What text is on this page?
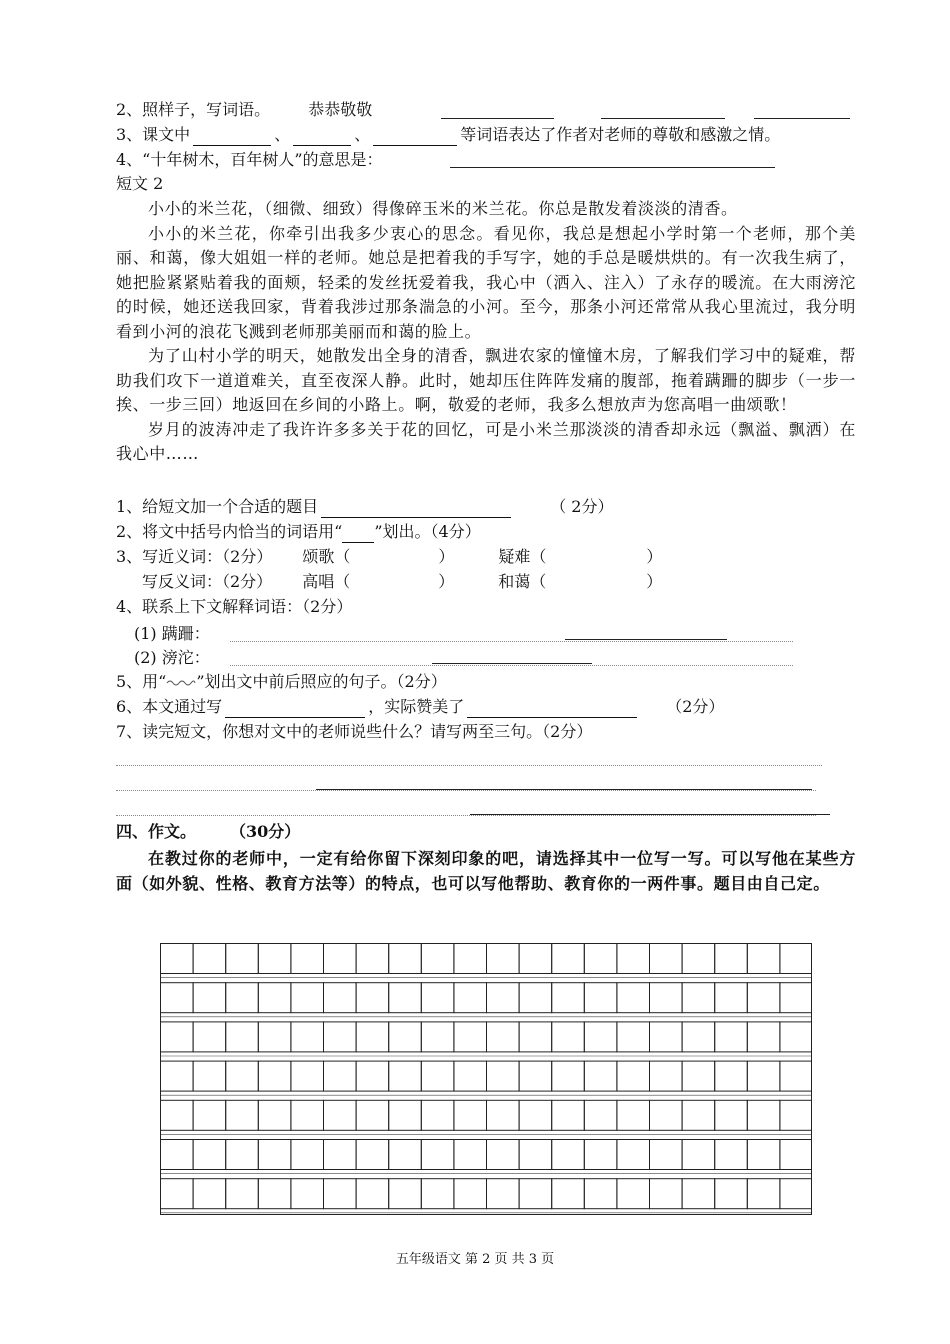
2、照样子，写词语。 恭恭敬敬
3、课文中	、	、	等词语表达了作者对老师的尊敬和感激之情。
4、“十年树木，百年树人”的意思是：
短文 2

小小的米兰花，（细微、细致）得像碎玉米的米兰花。你总是散发着淡淡的清香。

小小的米兰花，你牵引出我多少衷心的思念。看见你，我总是想起小学时第一个老师，那个美丽、和蔼，像大姐姐一样的老师。她总是把着我的手写字，她的手总是暖烘烘的。有一次我生病了，她把脸紧紧贴着我的面颊，轻柔的发丝抚爱着我，我心中（洒入、注入）了永存的暖流。在大雨滂沱的时候，她还送我回家，背着我涉过那条湍急的小河。至今，那条小河还常常从我心里流过，我分明看到小河的浪花飞溅到老师那美丽而和蔼的脸上。

为了山村小学的明天，她散发出全身的清香，飘进农家的憧憧木房，了解我们学习中的疑难，帮助我们攻下一道道难关，直至夜深人静。此时，她却压住阵阵发痛的腹部，拖着蹒跚的脚步（一步一挨、一步三回）地返回在乡间的小路上。啊，敬爱的老师，我多么想放声为您高唱一曲颂歌！

岁月的波涛冲走了我许许多多关于花的回忆，可是小米兰那淡淡的清香却永远（飘溢、飘洒）在我心中……

1、给短文加一个合适的题目	（ 2分）
2、将文中括号内恰当的词语用“ ”划出。（4分）
3、写近义词：（2分） 颂歌（	）	疑难（	）
写反义词：（2分） 高唱（	）	和蔼（	）
4、联系上下文解释词语：（2分）
(1) 蹒跚：
(2) 滂沱：
5、用“ ”划出文中前后照应的句子。（2分）
6、本文通过写	，实际赞美了	（2分）
7、读完短文，你想对文中的老师说些什么？请写两至三句。（2分）
四、作文。 （30分）

在教过你的老师中，一定有给你留下深刻印象的吧，请选择其中一位写一写。可以写他在某些方面（如外貌、性格、教育方法等）的特点，也可以写他帮助、教育你的一两件事。题目由自己定。

五年级语文 第 2 页 共 3 页
